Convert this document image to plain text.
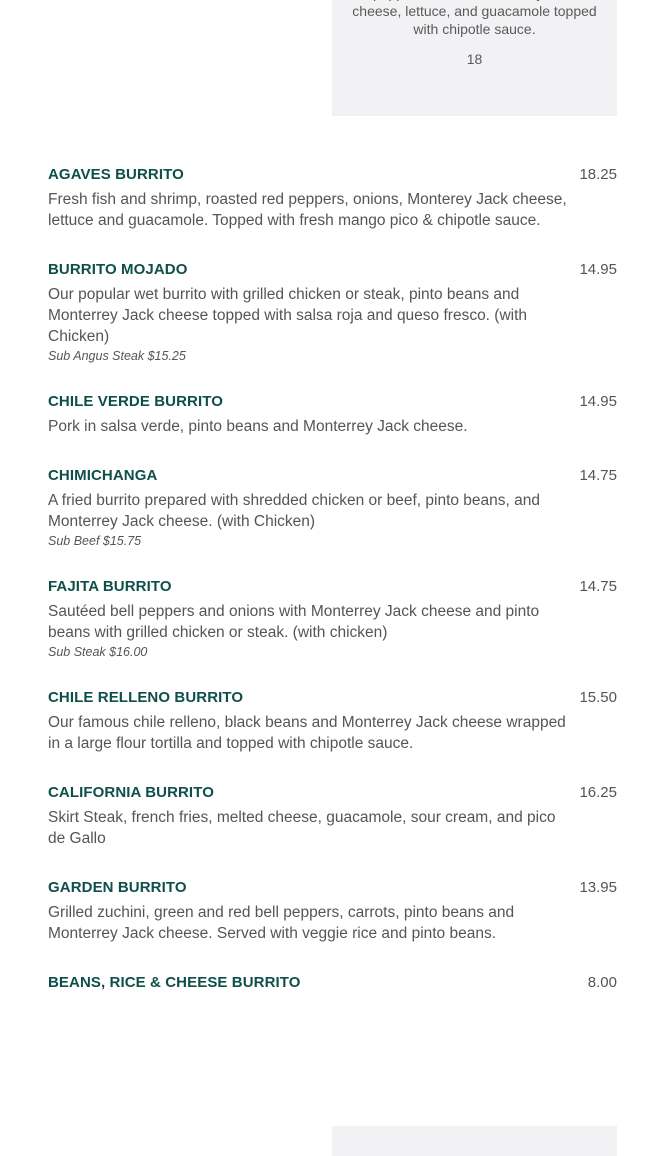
cheese, lettuce, and guacamole topped with chipotle sauce.

18
AGAVES BURRITO	18.25

Fresh fish and shrimp, roasted red peppers, onions, Monterey Jack cheese, lettuce and guacamole. Topped with fresh mango pico & chipotle sauce.

BURRITO MOJADO	14.95

Our popular wet burrito with grilled chicken or steak, pinto beans and Monterrey Jack cheese topped with salsa roja and queso fresco. (with Chicken)

Sub Angus Steak $15.25

CHILE VERDE BURRITO	14.95

Pork in salsa verde, pinto beans and Monterrey Jack cheese.

CHIMICHANGA	14.75

A fried burrito prepared with shredded chicken or beef, pinto beans, and Monterrey Jack cheese. (with Chicken)

Sub Beef $15.75

FAJITA BURRITO	14.75

Sautéed bell peppers and onions with Monterrey Jack cheese and pinto beans with grilled chicken or steak. (with chicken)

Sub Steak $16.00

CHILE RELLENO BURRITO	15.50

Our famous chile relleno, black beans and Monterrey Jack cheese wrapped in a large flour tortilla and topped with chipotle sauce.

CALIFORNIA BURRITO	16.25

Skirt Steak, french fries, melted cheese, guacamole, sour cream, and pico de Gallo

GARDEN BURRITO	13.95

Grilled zuchini, green and red bell peppers, carrots, pinto beans and Monterrey Jack cheese. Served with veggie rice and pinto beans.

BEANS, RICE & CHEESE BURRITO	8.00
